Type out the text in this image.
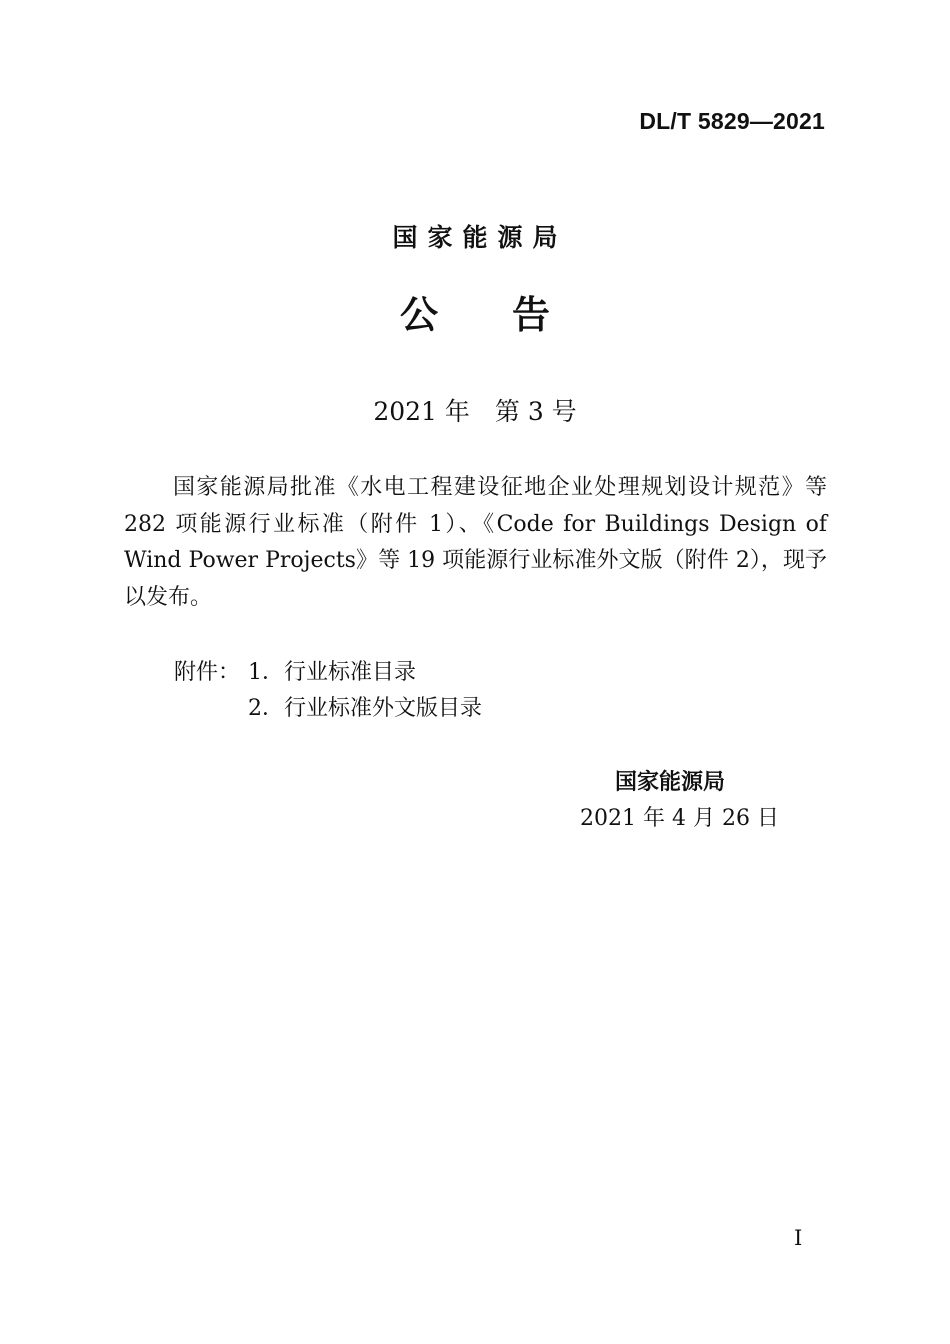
DL/T 5829—2021
国家能源局
公告
2021 年　第 3 号
国家能源局批准《水电工程建设征地企业处理规划设计规范》等 282 项能源行业标准（附件 1）、《Code for Buildings Design of Wind Power Projects》等 19 项能源行业标准外文版（附件 2），现予以发布。
附件： 1．行业标准目录
2．行业标准外文版目录
国家能源局
2021 年 4 月 26 日
I
